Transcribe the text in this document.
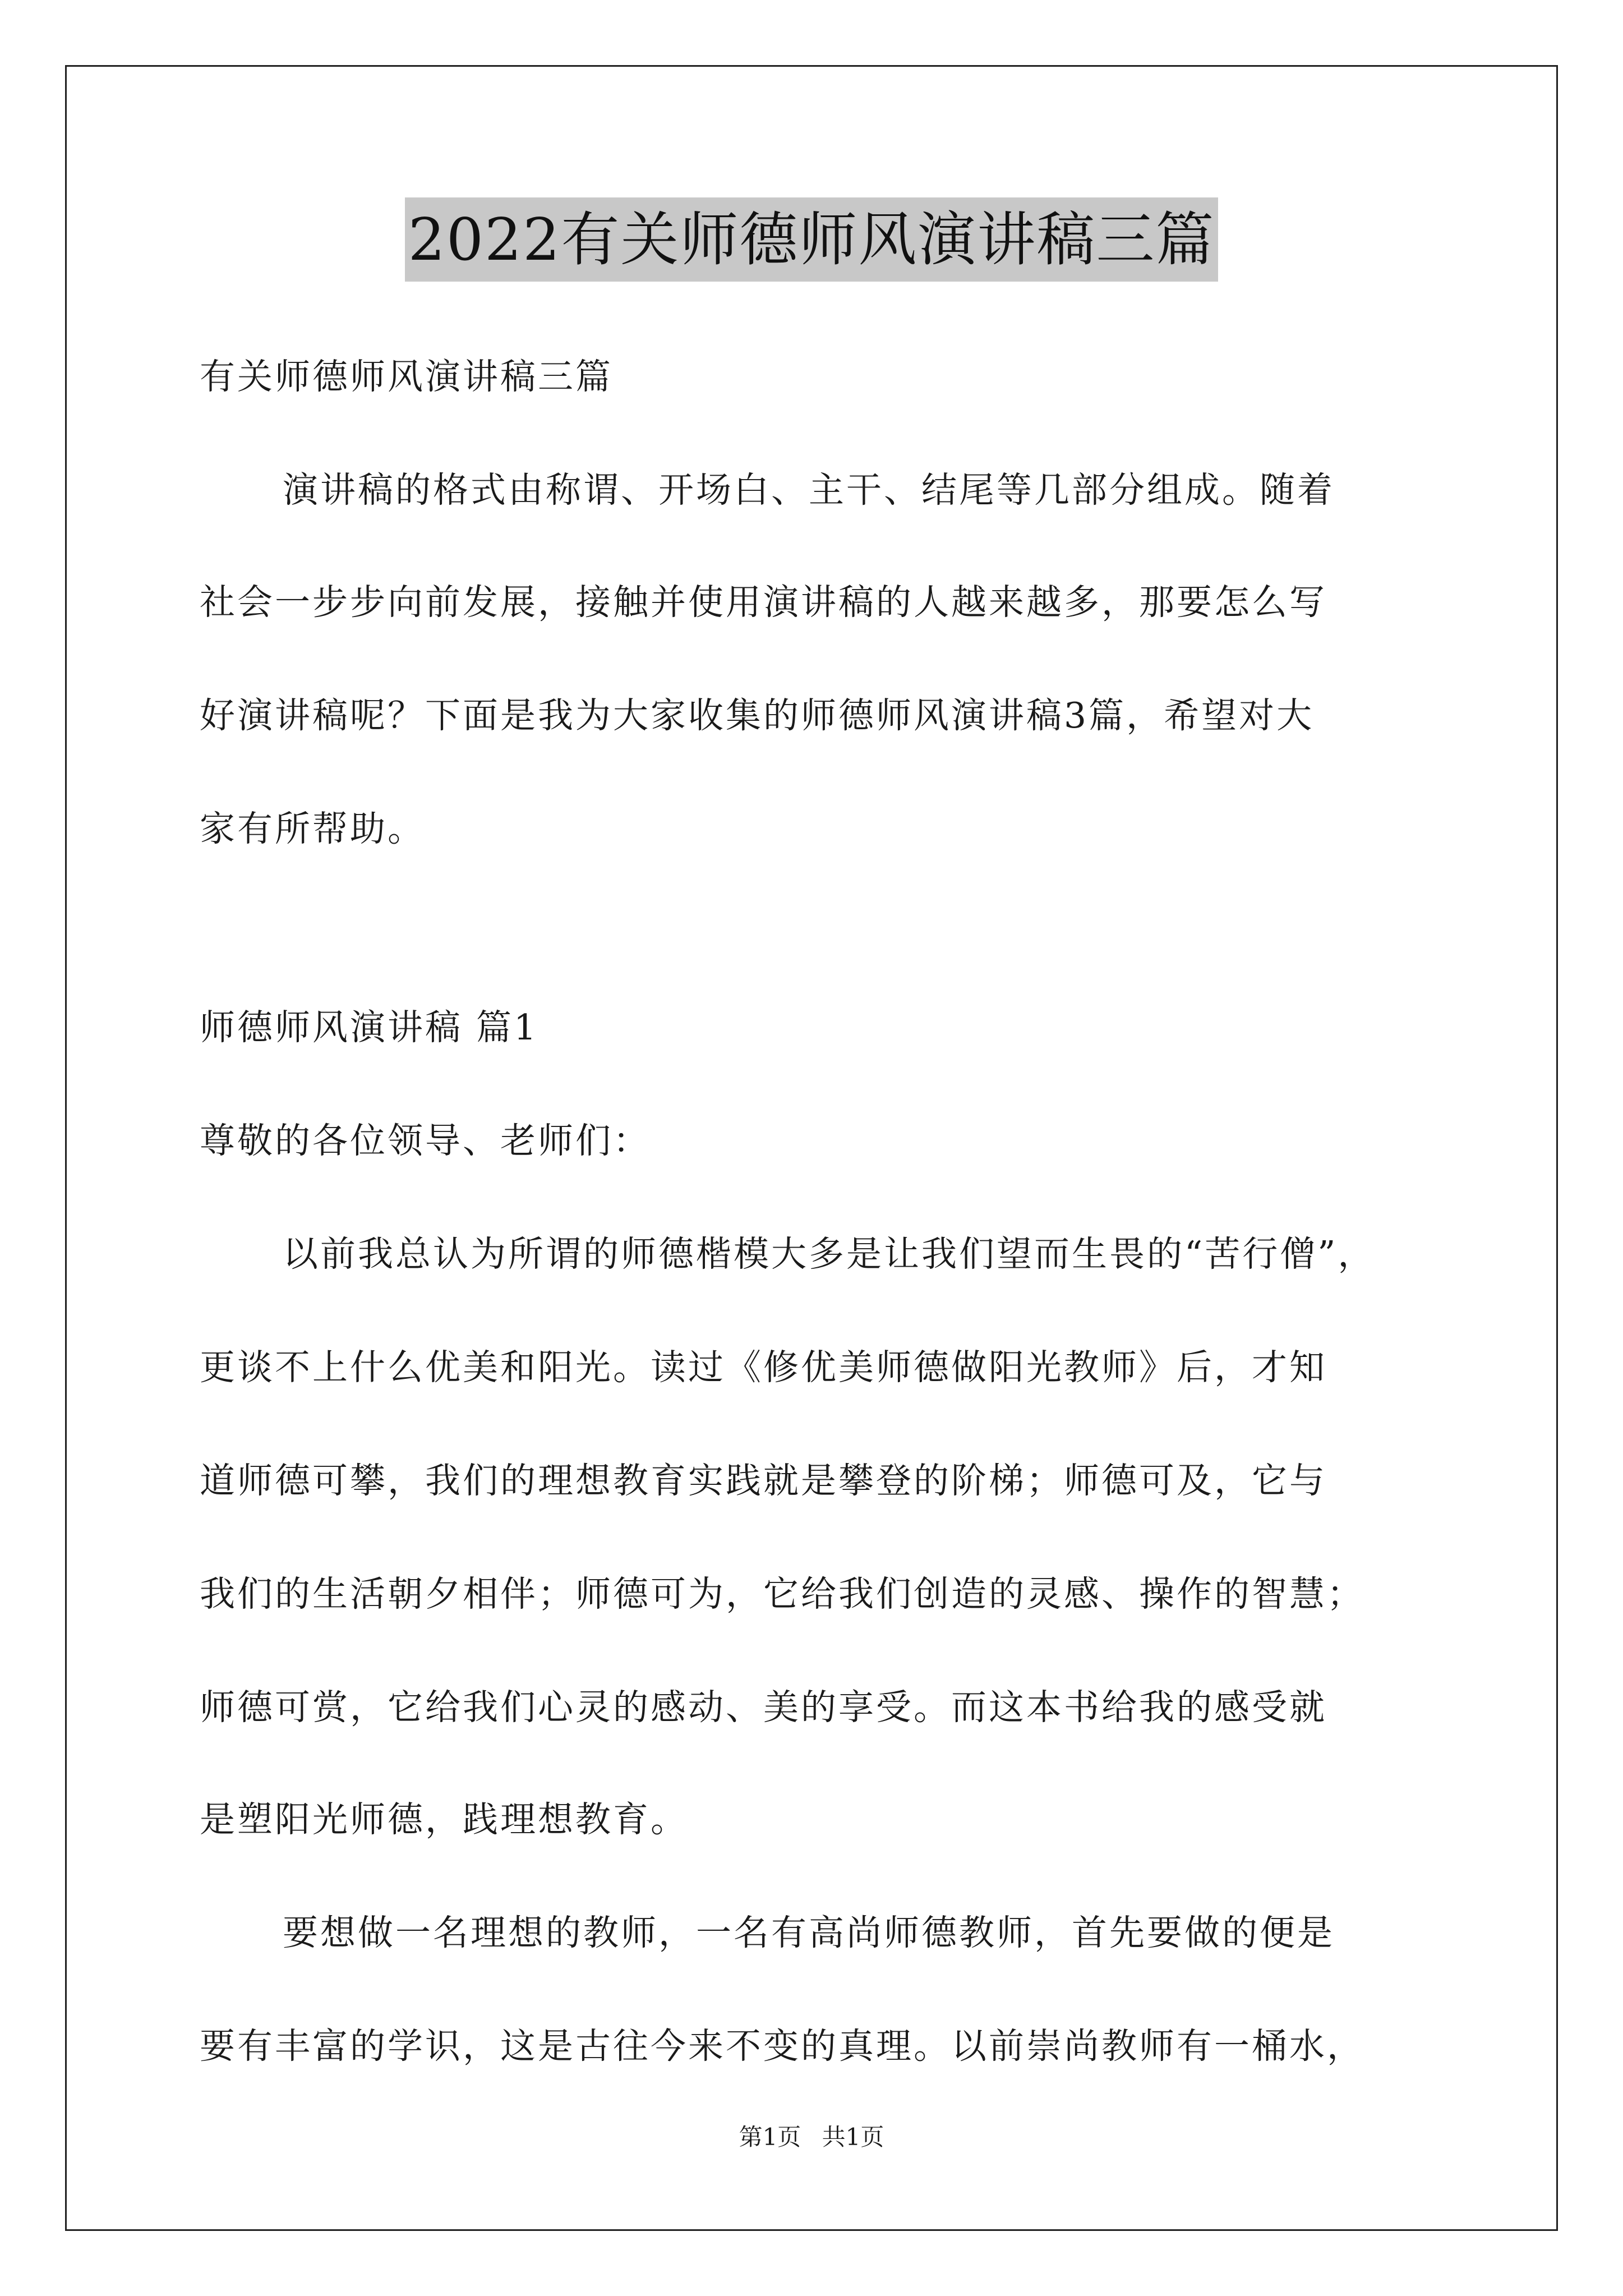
2022有关师德师风演讲稿三篇
有关师德师风演讲稿三篇
演讲稿的格式由称谓、开场白、主干、结尾等几部分组成。随着
社会一步步向前发展，接触并使用演讲稿的人越来越多，那要怎么写
好演讲稿呢？下面是我为大家收集的师德师风演讲稿3篇，希望对大
家有所帮助。
师德师风演讲稿 篇1
尊敬的各位领导、老师们：
以前我总认为所谓的师德楷模大多是让我们望而生畏的“苦行僧”，
更谈不上什么优美和阳光。读过《修优美师德做阳光教师》后，才知
道师德可攀，我们的理想教育实践就是攀登的阶梯；师德可及，它与
我们的生活朝夕相伴；师德可为，它给我们创造的灵感、操作的智慧；
师德可赏，它给我们心灵的感动、美的享受。而这本书给我的感受就
是塑阳光师德，践理想教育。
要想做一名理想的教师，一名有高尚师德教师，首先要做的便是
要有丰富的学识，这是古往今来不变的真理。以前崇尚教师有一桶水，
第1页 共1页
